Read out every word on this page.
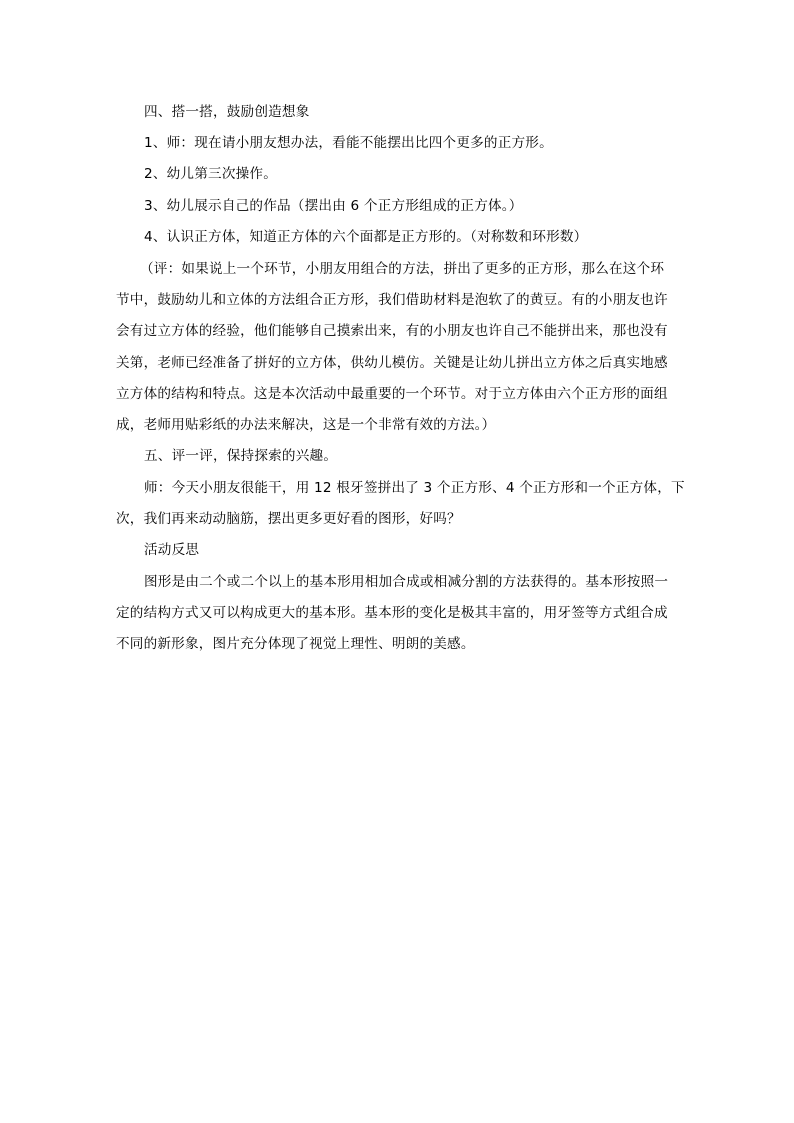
四、搭一搭，鼓励创造想象
1、师：现在请小朋友想办法，看能不能摆出比四个更多的正方形。
2、幼儿第三次操作。
3、幼儿展示自己的作品（摆出由 6 个正方形组成的正方体。）
4、认识正方体，知道正方体的六个面都是正方形的。（对称数和环形数）
（评：如果说上一个环节，小朋友用组合的方法，拼出了更多的正方形，那么在这个环
节中，鼓励幼儿和立体的方法组合正方形，我们借助材料是泡软了的黄豆。有的小朋友也许
会有过立方体的经验，他们能够自己摸索出来，有的小朋友也许自己不能拼出来，那也没有
关第，老师已经准备了拼好的立方体，供幼儿模仿。关键是让幼儿拼出立方体之后真实地感
立方体的结构和特点。这是本次活动中最重要的一个环节。对于立方体由六个正方形的面组
成，老师用贴彩纸的办法来解决，这是一个非常有效的方法。）
五、评一评，保持探索的兴趣。
师：今天小朋友很能干，用 12 根牙签拼出了 3 个正方形、4 个正方形和一个正方体，下
次，我们再来动动脑筋，摆出更多更好看的图形，好吗？
活动反思
图形是由二个或二个以上的基本形用相加合成或相减分割的方法获得的。基本形按照一
定的结构方式又可以构成更大的基本形。基本形的变化是极其丰富的，用牙签等方式组合成
不同的新形象，图片充分体现了视觉上理性、明朗的美感。
